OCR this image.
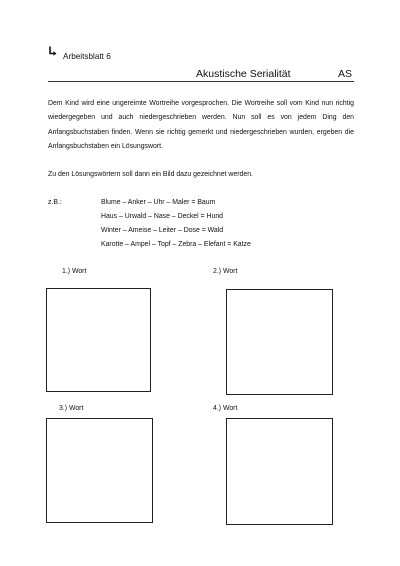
Arbeitsblatt 6
Akustische Serialität	AS

Dem Kind wird eine ungereimte Wortreihe vorgesprochen. Die Wortreihe soll vom Kind nun richtig wiedergegeben und auch niedergeschrieben werden. Nun soll es von jedem Ding den Anfangsbuchstaben finden. Wenn sie richtig gemerkt und niedergeschrieben wurden, ergeben die Anfangsbuchstaben ein Lösungswort.

Zu den Lösungswörtern soll dann ein Bild dazu gezeichnet werden.

z.B.:	Blume – Anker – Uhr – Maler = Baum
Haus – Urwald – Nase – Deckel = Hund
Winter – Ameise – Leiter – Dose = Wald
Karotte – Ampel – Topf – Zebra – Elefant = Katze
1.) Wort	2.) Wort
3.) Wort	4.) Wort
